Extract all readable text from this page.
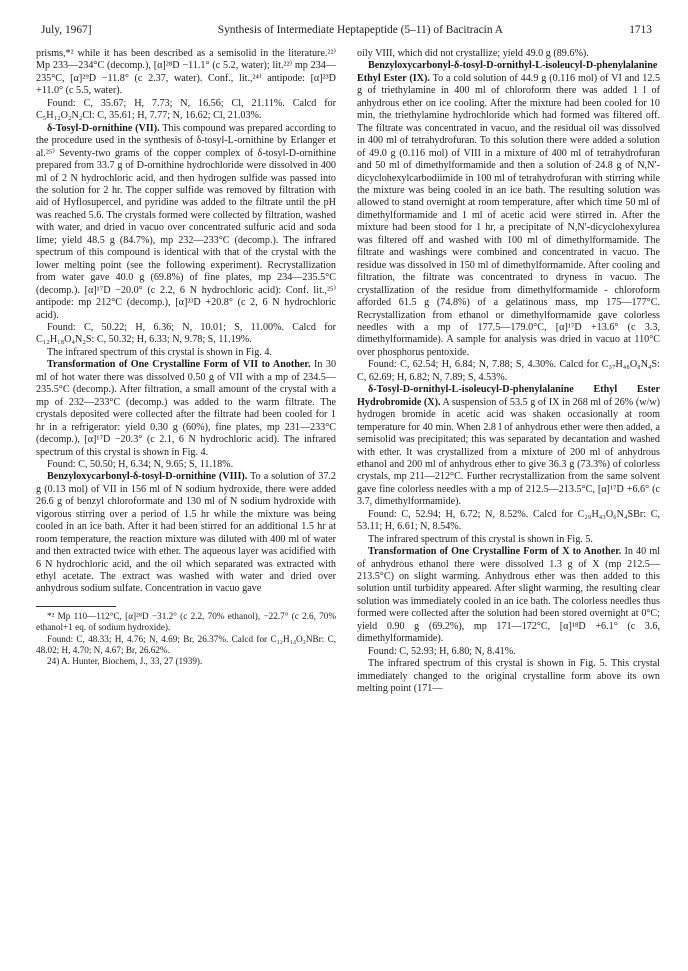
July, 1967]	Synthesis of Intermediate Heptapeptide (5–11) of Bacitracin A	1713

prisms,*² while it has been described as a semisolid in the literature.²²⁾ Mp 233—234°C (decomp.), [α]²⁸D −11.1° (c 5.2, water); lit.²²⁾ mp 234—235°C, [α]²⁹D −11.8° (c 2.37, water). Conf., lit.,²⁴⁾ antipode: [α]²³D +11.0° (c 5.5, water).

Found: C, 35.67; H, 7.73; N, 16.56; Cl, 21.11%. Calcd for C₅H₁₂O₂N₂Cl: C, 35.61; H, 7.77; N, 16.62; Cl, 21.03%.

δ-Tosyl-D-ornithine (VII). This compound was prepared according to the procedure used in the synthesis of δ-tosyl-L-ornithine by Erlanger et al.²⁵⁾ Seventy-two grams of the copper complex of δ-tosyl-D-ornithine prepared from 33.7 g of D-ornithine hydrochloride were dissolved in 400 ml of 2 N hydrochloric acid, and then hydrogen sulfide was passed into the solution for 2 hr. The copper sulfide was removed by filtration with aid of Hyflosupercel, and pyridine was added to the filtrate until the pH was reached 5.6. The crystals formed were collected by filtration, washed with water, and dried in vacuo over concentrated sulfuric acid and soda lime; yield 48.5 g (84.7%), mp 232—233°C (decomp.). The infrared spectrum of this compound is identical with that of the crystal with the lower melting point (see the following experiment). Recrystallization from water gave 40.0 g (69.8%) of fine plates, mp 234—235.5°C (decomp.). [α]¹⁷D −20.0° (c 2.2, 6 N hydrochloric acid): Conf. lit.,²⁵⁾ antipode: mp 212°C (decomp.), [α]²³D +20.8° (c 2, 6 N hydrochloric acid).

Found: C, 50.22; H, 6.36; N, 10.01; S, 11.00%. Calcd for C₁₂H₁₈O₄N₂S: C, 50.32; H, 6.33; N, 9.78; S, 11.19%.

The infrared spectrum of this crystal is shown in Fig. 4.

Transformation of One Crystalline Form of VII to Another. In 30 ml of hot water there was dissolved 0.50 g of VII with a mp of 234.5—235.5°C (decomp.). After filtration, a small amount of the crystal with a mp of 232—233°C (decomp.) was added to the warm filtrate. The crystals deposited were collected after the filtrate had been cooled for 1 hr in a refrigerator: yield 0.30 g (60%), fine plates, mp 231—233°C (decomp.), [α]¹⁷D −20.3° (c 2.1, 6 N hydrochloric acid). The infrared spectrum of this crystal is shown in Fig. 4.

Found: C, 50.50; H, 6.34; N, 9.65; S, 11.18%.

Benzyloxycarbonyl-δ-tosyl-D-ornithine (VIII). To a solution of 37.2 g (0.13 mol) of VII in 156 ml of N sodium hydroxide, there were added 26.6 g of benzyl chloroformate and 130 ml of N sodium hydroxide with vigorous stirring over a period of 1.5 hr while the mixture was being cooled in an ice bath. After it had been stirred for an additional 1.5 hr at room temperature, the reaction mixture was diluted with 400 ml of water and then extracted twice with ether. The aqueous layer was acidified with 6 N hydrochloric acid, and the oil which separated was extracted with ethyl acetate. The extract was washed with water and dried over anhydrous sodium sulfate. Concentration in vacuo gave

*² Mp 110—112°C, [α]²⁸D −31.2° (c 2.2, 70% ethanol), −22.7° (c 2.6, 70% ethanol+1 eq. of sodium hydroxide).

Found: C, 48.33; H, 4.76; N, 4.69; Br, 26.37%. Calcd for C₁₂H₁₄O₃NBr: C, 48.02; H, 4.70; N, 4.67; Br, 26.62%.

24) A. Hunter, Biochem, J., 33, 27 (1939).

oily VIII, which did not crystallize; yield 49.0 g (89.6%).

Benzyloxycarbonyl-δ-tosyl-D-ornithyl-L-isoleucyl-D-phenylalanine Ethyl Ester (IX). To a cold solution of 44.9 g (0.116 mol) of VI and 12.5 g of triethylamine in 400 ml of chloroform there was added 1 l of anhydrous ether on ice cooling. After the mixture had been cooled for 10 min, the triethylamine hydrochloride which had formed was filtered off. The filtrate was concentrated in vacuo, and the residual oil was dissolved in 400 ml of tetrahydrofuran. To this solution there were added a solution of 49.0 g (0.116 mol) of VIII in a mixture of 400 ml of tetrahydrofuran and 50 ml of dimethylformamide and then a solution of 24.8 g of N,N′-dicyclohexylcarbodiimide in 100 ml of tetrahydrofuran with stirring while the mixture was being cooled in an ice bath. The resulting solution was allowed to stand overnight at room temperature, after which time 50 ml of dimethylformamide and 1 ml of acetic acid were stirred in. After the mixture had been stood for 1 hr, a precipitate of N,N′-dicyclohexylurea was filtered off and washed with 100 ml of dimethylformamide. The filtrate and washings were combined and concentrated in vacuo. The residue was dissolved in 150 ml of dimethylformamide. After cooling and filtration, the filtrate was concentrated to dryness in vacuo. The crystallization of the residue from dimethylformamide - chloroform afforded 61.5 g (74.8%) of a gelatinous mass, mp 175—177°C. Recrystallization from ethanol or dimethylformamide gave colorless needles with a mp of 177.5—179.0°C, [α]¹⁷D +13.6° (c 3.3, dimethylformamide). A sample for analysis was dried in vacuo at 110°C over phosphorus pentoxide.

Found: C, 62.54; H, 6.84; N, 7.88; S, 4.30%. Calcd for C₃₇H₄₈O₈N₄S: C, 62.69; H, 6.82; N, 7.89; S, 4.53%.

δ-Tosyl-D-ornithyl-L-isoleucyl-D-phenylalanine Ethyl Ester Hydrobromide (X). A suspension of 53.5 g of IX in 268 ml of 26% (w/w) hydrogen bromide in acetic acid was shaken occasionally at room temperature for 40 min. When 2.8 l of anhydrous ether were then added, a semisolid was precipitated; this was separated by decantation and washed with ether. It was crystallized from a mixture of 200 ml of anhydrous ethanol and 200 ml of anhydrous ether to give 36.3 g (73.3%) of colorless crystals, mp 211—212°C. Further recrystallization from the same solvent gave fine colorless needles with a mp of 212.5—213.5°C, [α]¹⁷D +6.6° (c 3.7, dimethylformamide).

Found: C, 52.94; H, 6.72; N, 8.52%. Calcd for C₂₉H₄₃O₆N₄SBr: C, 53.11; H, 6.61; N, 8.54%.

The infrared spectrum of this crystal is shown in Fig. 5.

Transformation of One Crystalline Form of X to Another. In 40 ml of anhydrous ethanol there were dissolved 1.3 g of X (mp 212.5—213.5°C) on slight warming. Anhydrous ether was then added to this solution until turbidity appeared. After slight warming, the resulting clear solution was immediately cooled in an ice bath. The colorless needles thus formed were collected after the solution had been stored overnight at 0°C; yield 0.90 g (69.2%), mp 171—172°C, [α]¹⁸D +6.1° (c 3.6, dimethylformamide).

Found: C, 52.93; H, 6.80; N, 8.41%.

The infrared spectrum of this crystal is shown in Fig. 5. This crystal immediately changed to the original crystalline form above its own melting point (171—
